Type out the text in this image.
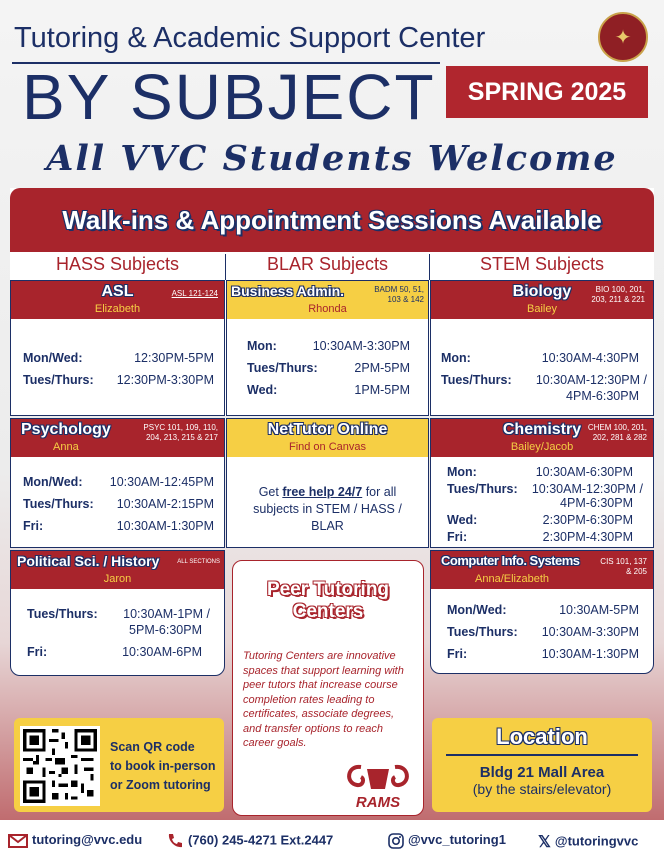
Tutoring & Academic Support Center
BY SUBJECT	SPRING 2025
✦
All VVC Students Welcome
Walk-ins & Appointment Sessions Available
HASS Subjects	BLAR Subjects	STEM Subjects
ASL
Elizabeth
ASL 121-124
Mon/Wed:	12:30PM-5PM
Tues/Thurs: 12:30PM-3:30PM
Business Admin.
Rhonda
BADM 50, 51, 103 & 142
Mon:	10:30AM-3:30PM
Tues/Thurs:	2PM-5PM
Wed:	1PM-5PM
Biology
Bailey
BIO 100, 201, 203, 211 & 221
Mon:	10:30AM-4:30PM
Tues/Thurs: 10:30AM-12:30PM /
4PM-6:30PM
Psychology
Anna
PSYC 101, 109, 110, 204, 213, 215 & 217
Mon/Wed: 10:30AM-12:45PM
Tues/Thurs: 10:30AM-2:15PM
Fri:	10:30AM-1:30PM
NetTutor Online
Find on Canvas
Get free help 24/7 for all subjects in STEM / HASS / BLAR
Chemistry
Bailey/Jacob
CHEM 100, 201, 202, 281 & 282
Mon:	10:30AM-6:30PM
Tues/Thurs: 10:30AM-12:30PM /
4PM-6:30PM
Wed:	2:30PM-6:30PM
Fri:	2:30PM-4:30PM
Political Sci. / History
Jaron
ALL SECTIONS
Tues/Thurs: 10:30AM-1PM /
5PM-6:30PM
Fri:	10:30AM-6PM
Computer Info. Systems
Anna/Elizabeth
CIS 101, 137 & 205
Mon/Wed:	10:30AM-5PM
Tues/Thurs: 10:30AM-3:30PM
Fri:	10:30AM-1:30PM
Peer Tutoring
Centers
Tutoring Centers are innovative spaces that support learning with peer tutors that increase course completion rates leading to certificates, associate degrees, and transfer options to reach career goals.
RAMS
Scan QR code
to book in-person
or Zoom tutoring
Location
Bldg 21 Mall Area
(by the stairs/elevator)
tutoring@vvc.edu	(760) 245-4271 Ext.2447	@vvc_tutoring1 𝕏 @tutoringvvc
